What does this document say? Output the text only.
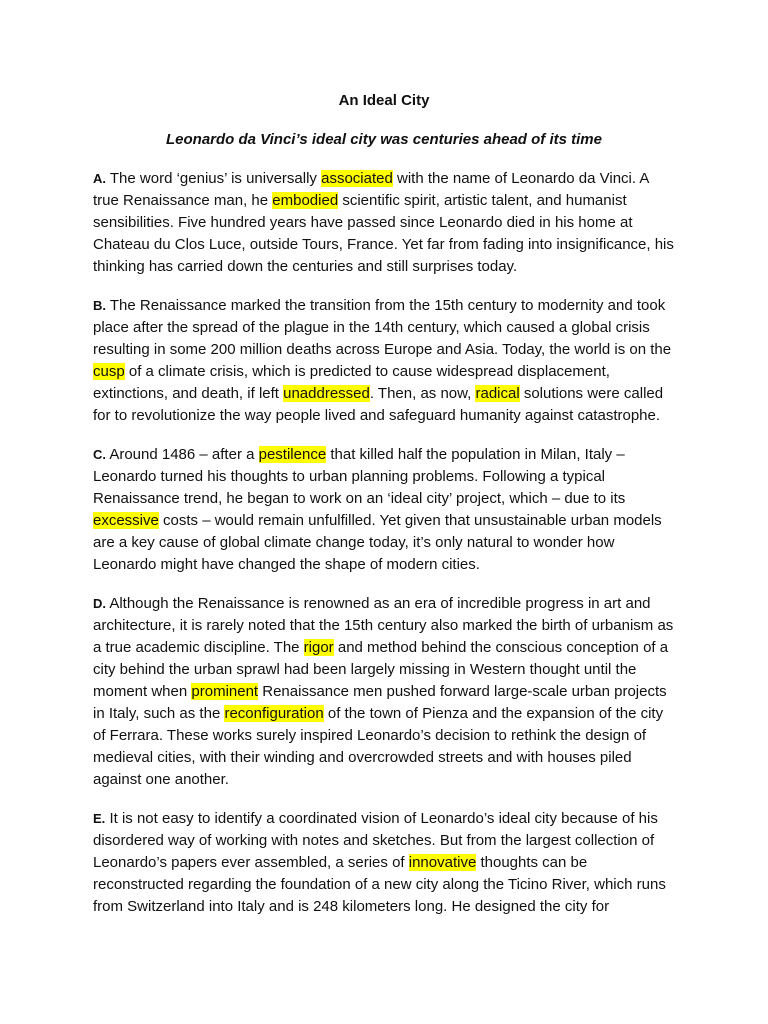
An Ideal City
Leonardo da Vinci’s ideal city was centuries ahead of its time

A. The word ‘genius’ is universally associated with the name of Leonardo da Vinci. A true Renaissance man, he embodied scientific spirit, artistic talent, and humanist sensibilities. Five hundred years have passed since Leonardo died in his home at Chateau du Clos Luce, outside Tours, France. Yet far from fading into insignificance, his thinking has carried down the centuries and still surprises today.

B. The Renaissance marked the transition from the 15th century to modernity and took place after the spread of the plague in the 14th century, which caused a global crisis resulting in some 200 million deaths across Europe and Asia. Today, the world is on the cusp of a climate crisis, which is predicted to cause widespread displacement, extinctions, and death, if left unaddressed. Then, as now, radical solutions were called for to revolutionize the way people lived and safeguard humanity against catastrophe.

C. Around 1486 – after a pestilence that killed half the population in Milan, Italy – Leonardo turned his thoughts to urban planning problems. Following a typical Renaissance trend, he began to work on an ‘ideal city’ project, which – due to its excessive costs – would remain unfulfilled. Yet given that unsustainable urban models are a key cause of global climate change today, it’s only natural to wonder how Leonardo might have changed the shape of modern cities.

D. Although the Renaissance is renowned as an era of incredible progress in art and architecture, it is rarely noted that the 15th century also marked the birth of urbanism as a true academic discipline. The rigor and method behind the conscious conception of a city behind the urban sprawl had been largely missing in Western thought until the moment when prominent Renaissance men pushed forward large-scale urban projects in Italy, such as the reconfiguration of the town of Pienza and the expansion of the city of Ferrara. These works surely inspired Leonardo’s decision to rethink the design of medieval cities, with their winding and overcrowded streets and with houses piled against one another.

E. It is not easy to identify a coordinated vision of Leonardo’s ideal city because of his disordered way of working with notes and sketches. But from the largest collection of Leonardo’s papers ever assembled, a series of innovative thoughts can be reconstructed regarding the foundation of a new city along the Ticino River, which runs from Switzerland into Italy and is 248 kilometers long. He designed the city for
